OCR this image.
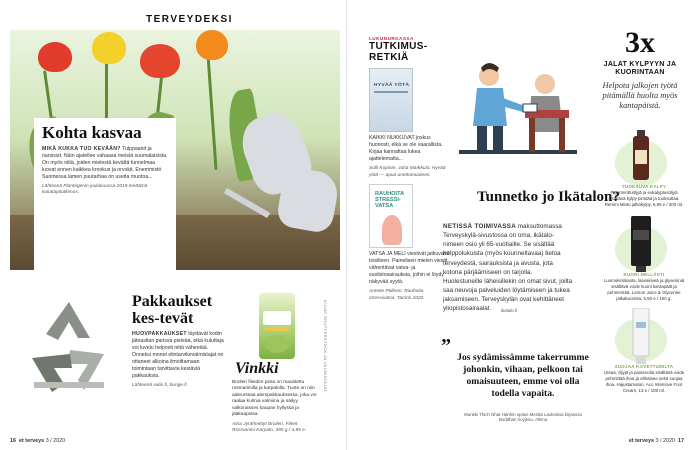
TERVEYDEKSI
Kohta kasvaa
MIKÄ KUKKA TUO KEVÄÄN? Tulppaanit ja narsissit. Näin ajatellee vahaasa meistä suomalaisista. On myös niitä, joiden mielestä kevättä tunnelmaa luovat ennen kaikkea krookus ja orvokit. Enemmistö Suomessa lamen puutarhaa on useita muotoa...
Lähteenä Plantagenin joulukuussa 2019 teettämä kuluttajatutkimus.
Pakkaukset kes-tevät
HUOVPAKKAUKSET täyttävät kodin jäteastian parissa pisteää, eikä kuluttaja voi luvelu helposti niitä vähentää. Onneksi monet elintarvikevalmistajat on ottaneet alkoina ilmoittamaan toimintaan tarvittavia kestäviä pakkauksia.
Lähteenä valio.fi, bunge.fi
Vinkki
Broileri fileiden pinta on maustettu rosmariinilla ja karpalolla. Tuote on niin aaleurssaa alempakkauksessa, joka voi raalaa kulmia valmiina ja säilyy valkonasses kaupan hyllyssä ja jääkaapissa.
Atria Jyrähnettyt Broileri. Fileet Rosmariini-Karpalo, 390 g / 4,95 e.
KUVAT SHUTTERSTOCK JA VALMISTAJAT
16 et terveys 3 / 2020
LUKUNURKASSA
TUTKIMUS-RETKIÄ
HYVÄÄ YÖTÄ
KAIKKI NUKKUVAT joskus huonosti, eikä se ole vaarallista. Kirjaa kannattaa lukea ajattelematta...
Sulli Kopiste, Juha Markkula: Hyvää yötä — apua unettomuuteen.
RAUHOITA STRESSI-VATSA
VATSA JA MELI viestivät jatkuvasti toisilleen. Painelisen mielen viestit vähentävat vatsa- ja suolistosairauksia, joihin ei löydy näkyvää syytä.
Annete Pöllnen: Rauhoita stressivatsa. Tammi 2020.
Tunnetko jo Ikätalon?
NETISSÄ TOIMIVASSA maksuttomassa Terveyskylä-sivustossa on oma, ikätalo-nimeen osio yli 65-vuotiaille. Se sisältää helppolukuista (myös kuunneltavaa) tietoa terveydestä, sairauksista ja avusta, jota kotona pärjäämiseen on tarjolla. Huolestuneille läheisillekin on omat sivut, joilta saa neuvoja palveluiden löytämiseen ja tukea jaksamiseen. Terveyskylän ovat kehittäneet yliopistosairaalat.	ikatalo.fi
”
Jos sydämissämme takerrumme johonkin, vihaan, pelkoon tai omaisuuteen, emme voi olla todella vapaita.
Munkki Thich Nhat Hanhin opitus Mestta Lauksissa kirjasssa Buddhan hoyjesu. Alkma
3x
JALAT KYLPYYN JA KUORINTAAN
Helpota jalkojen työtä pitämällä huolta myös kantapäistä.
TUOKSUVA KYLPY
Piparminttuöljyä ja eukalyptusöljyä sisältävä kylpy piristää ja tuoksuttaa. Remmi Mintu jalkakylpy, 5,95 e / 200 ml.
KUORI HELLÄSTI
Luomukirsikasta, laavakiveä ja glyseriiniä sisältävä voide kuorii kantapäät ja pehmentää. Lemon Juice & Glycerine jalkakuorinta, 5,50 e / 100 g.
SUOJAA KOVETTUMILTA
Ureaa, öljyjä ja pantenolia sisältävä voide pehmittää ihoa ja ehkäisee sekä suojaa ihoa. Hajustamaton. Aco Intensive Foot Cream, 13 e / 100 ml.
et terveys 3 / 2020 17
